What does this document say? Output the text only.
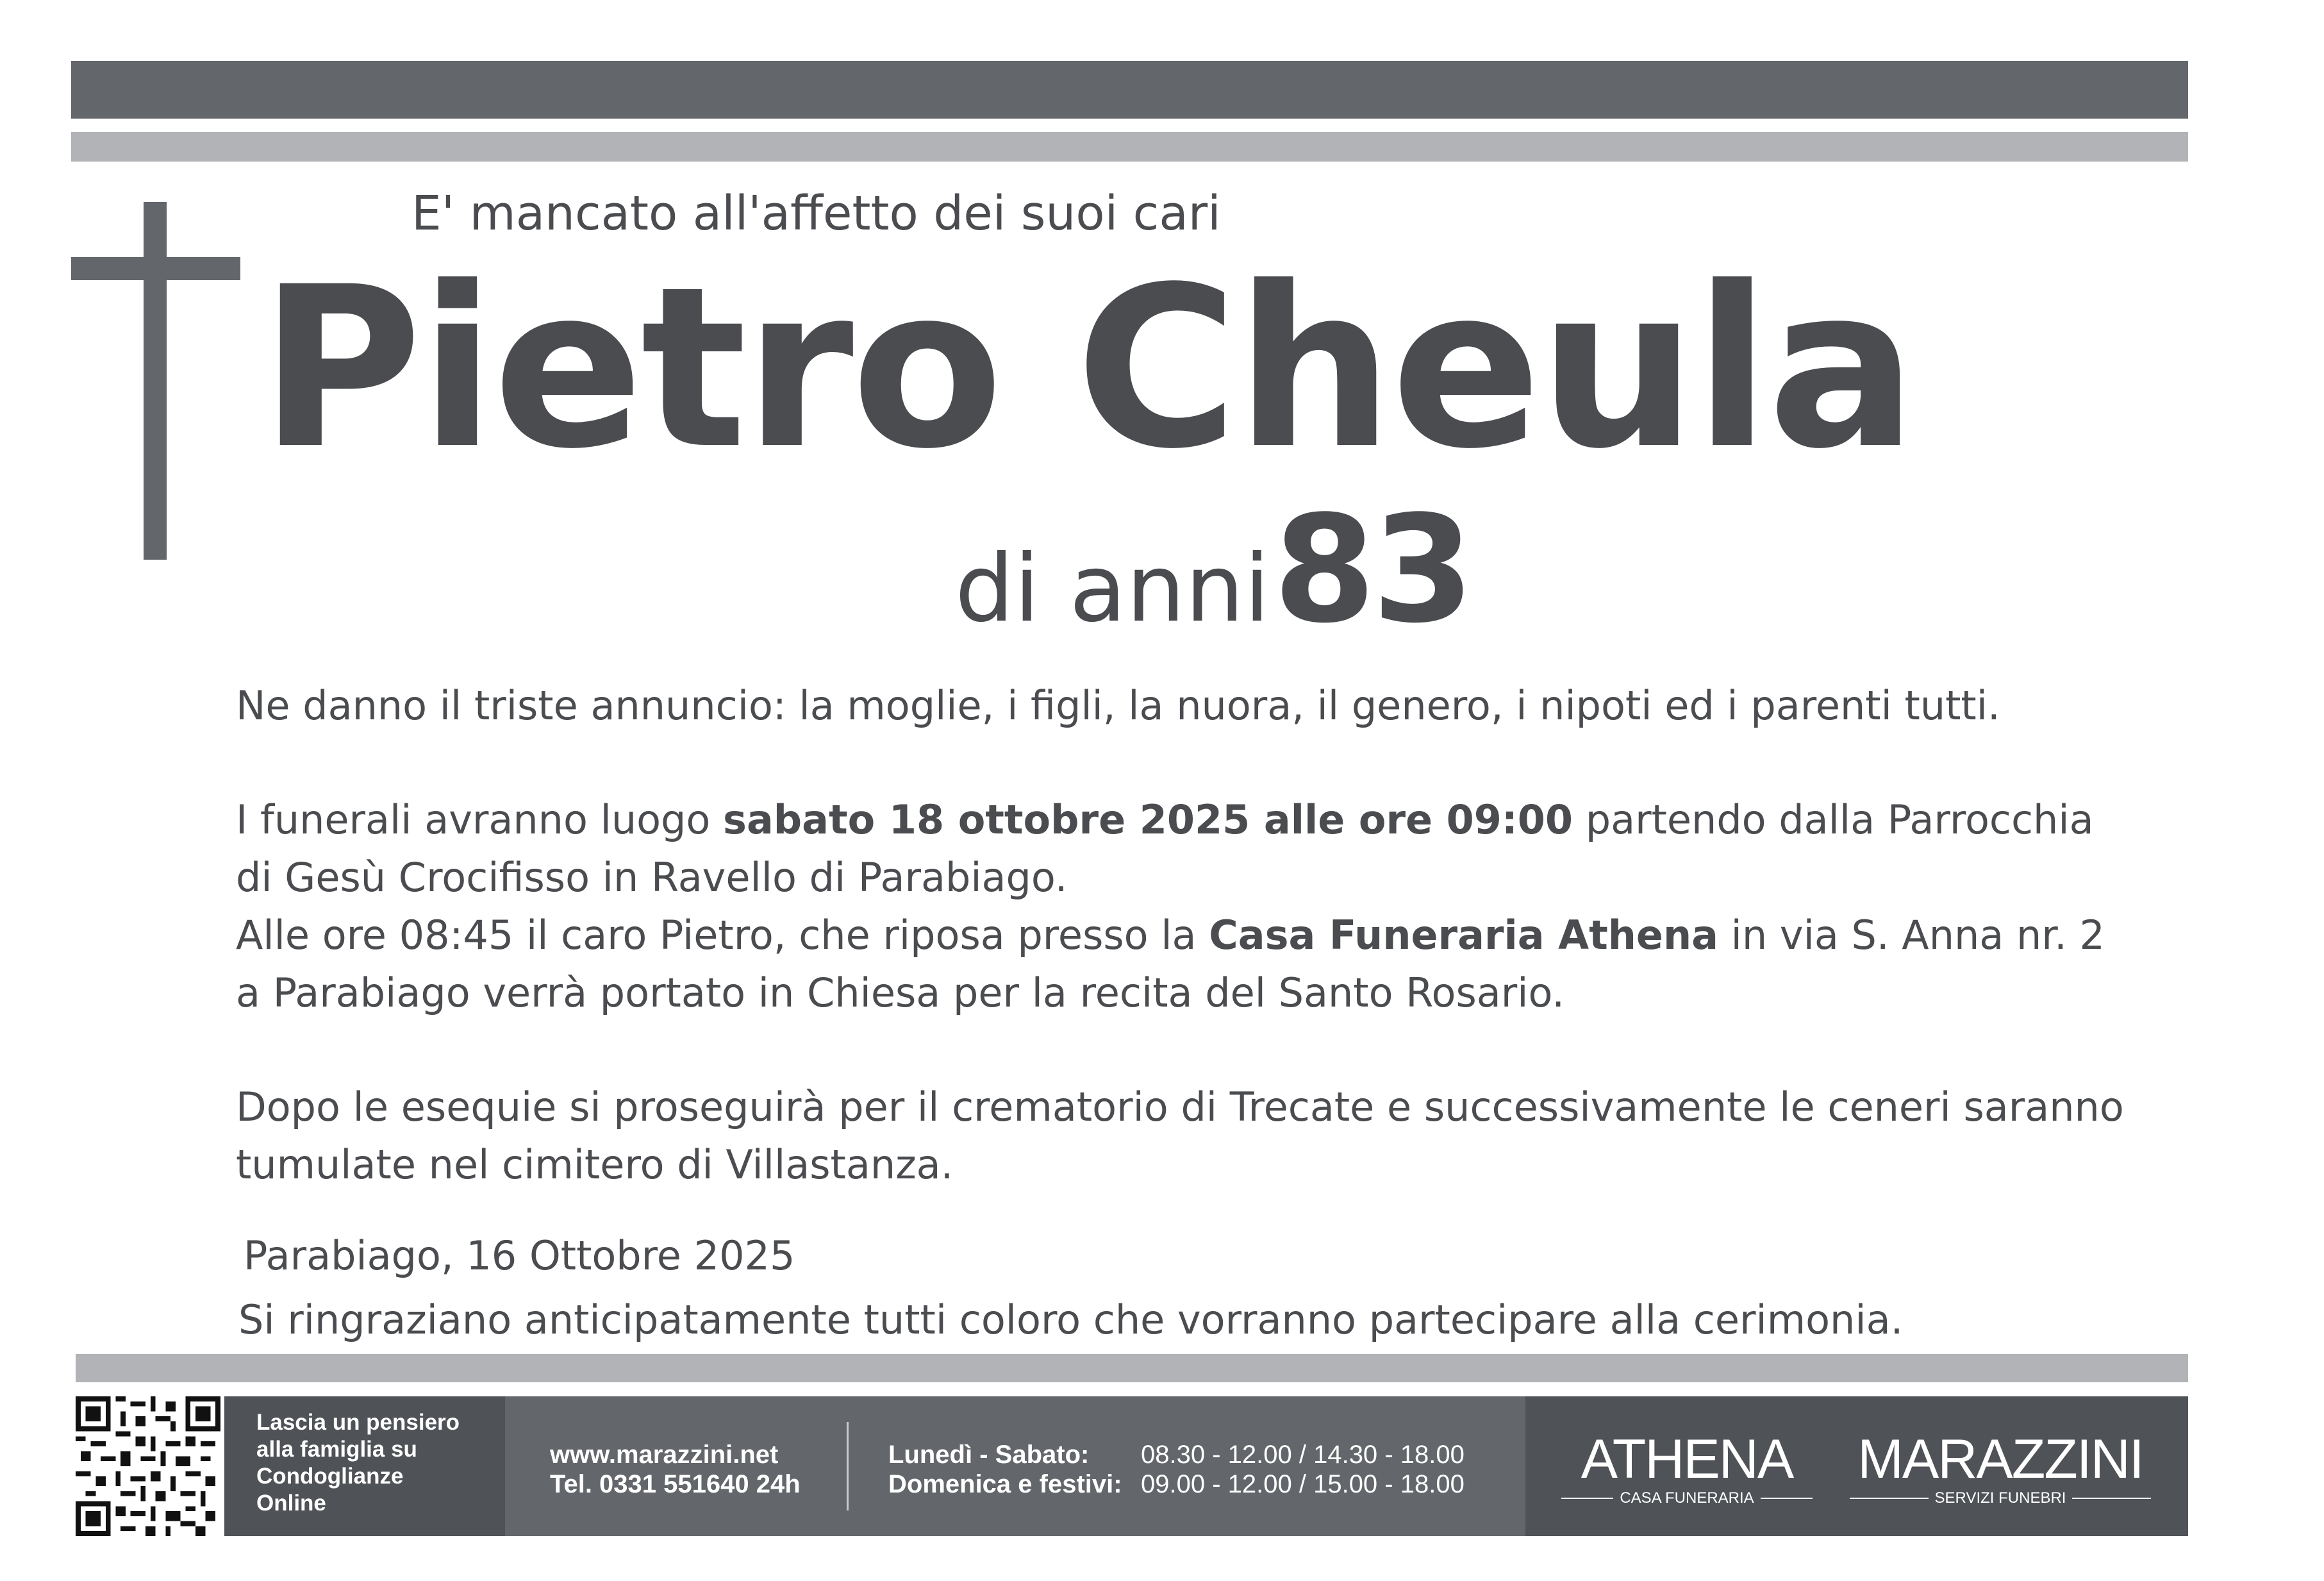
E' mancato all'affetto dei suoi cari
Pietro Cheula
di anni 83
Ne danno il triste annuncio: la moglie, i figli, la nuora, il genero, i nipoti ed i parenti tutti.
I funerali avranno luogo sabato 18 ottobre 2025 alle ore 09:00 partendo dalla Parrocchia
di Gesù Crocifisso in Ravello di Parabiago.
Alle ore 08:45 il caro Pietro, che riposa presso la Casa Funeraria Athena in via S. Anna nr. 2
a Parabiago verrà portato in Chiesa per la recita del Santo Rosario.
Dopo le esequie si proseguirà per il crematorio di Trecate e successivamente le ceneri saranno
tumulate nel cimitero di Villastanza.
Parabiago, 16 Ottobre 2025
Si ringraziano anticipatamente tutti coloro che vorranno partecipare alla cerimonia.
Lascia un pensiero
alla famiglia su
Condoglianze
Online
www.marazzini.net
Tel. 0331 551640 24h
Lunedì - Sabato:
Domenica e festivi:
08.30 - 12.00 / 14.30 - 18.00
09.00 - 12.00 / 15.00 - 18.00	ATHENA
CASA FUNERARIA
MARAZZINI
SERVIZI FUNEBRI
